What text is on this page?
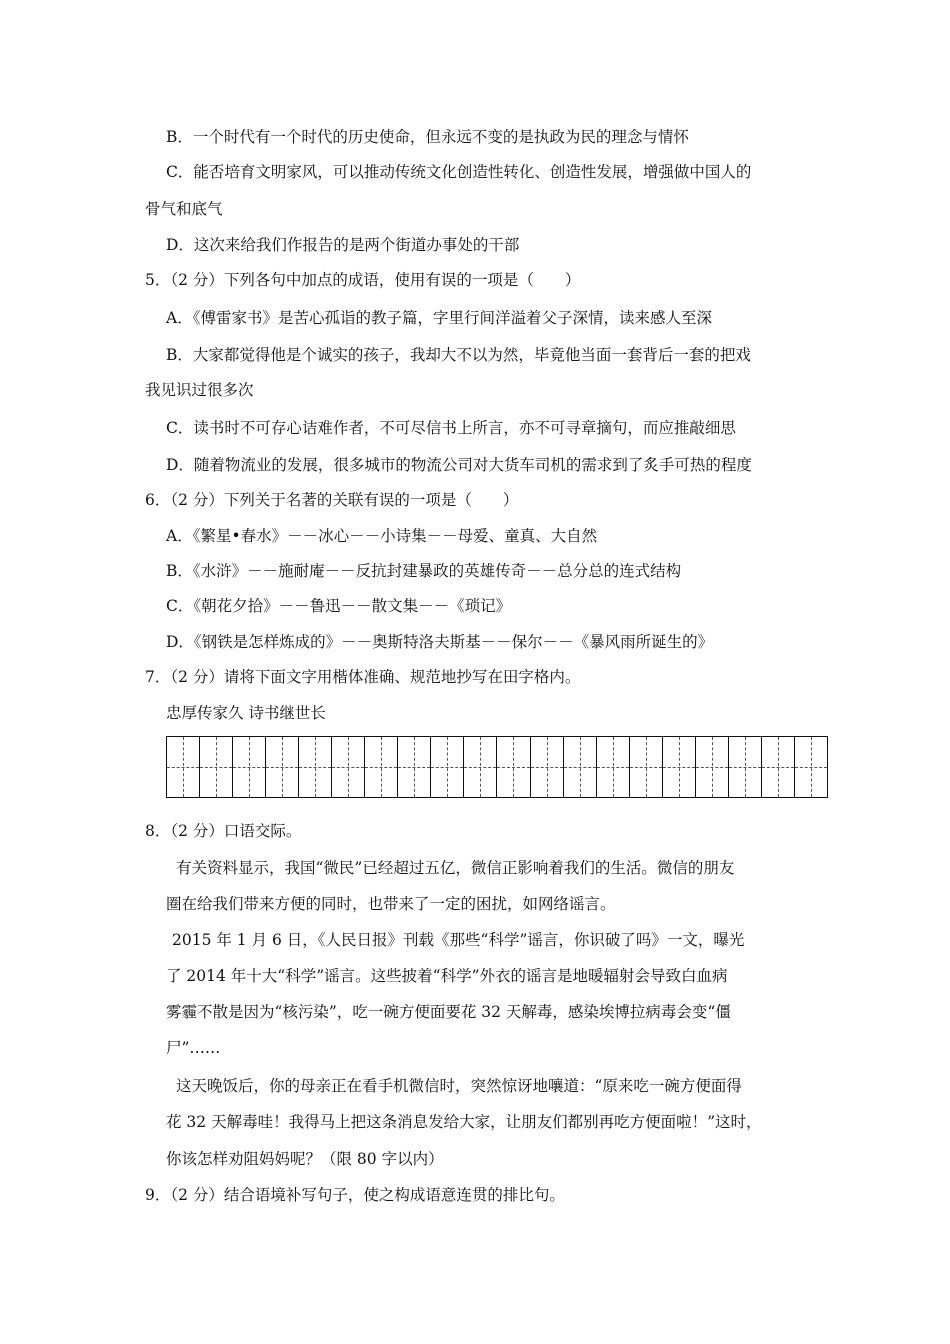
B．一个时代有一个时代的历史使命，但永远不变的是执政为民的理念与情怀
C．能否培育文明家风，可以推动传统文化创造性转化、创造性发展，增强做中国人的
骨气和底气
D．这次来给我们作报告的是两个街道办事处的干部
5．（2 分）下列各句中加点的成语，使用有误的一项是（　　）
A．《傅雷家书》是苦心孤诣的教子篇，字里行间洋溢着父子深情，读来感人至深
B．大家都觉得他是个诚实的孩子，我却大不以为然，毕竟他当面一套背后一套的把戏
我见识过很多次
C．读书时不可存心诘难作者，不可尽信书上所言，亦不可寻章摘句，而应推敲细思
D．随着物流业的发展，很多城市的物流公司对大货车司机的需求到了炙手可热的程度
6．（2 分）下列关于名著的关联有误的一项是（　　）
A．《繁星•春水》－－冰心－－小诗集－－母爱、童真、大自然
B．《水浒》－－施耐庵－－反抗封建暴政的英雄传奇－－总分总的连式结构
C．《朝花夕拾》－－鲁迅－－散文集－－《琐记》
D．《钢铁是怎样炼成的》－－奥斯特洛夫斯基－－保尔－－《暴风雨所诞生的》
7．（2 分）请将下面文字用楷体准确、规范地抄写在田字格内。
忠厚传家久 诗书继世长
8．（2 分）口语交际。
有关资料显示，我国“微民”已经超过五亿，微信正影响着我们的生活。微信的朋友
圈在给我们带来方便的同时，也带来了一定的困扰，如网络谣言。
2015 年 1 月 6 日，《人民日报》刊载《那些“科学”谣言，你识破了吗》一文，曝光
了 2014 年十大“科学”谣言。这些披着“科学”外衣的谣言是地暖辐射会导致白血病
雾霾不散是因为“核污染”，吃一碗方便面要花 32 天解毒，感染埃博拉病毒会变“僵
尸”……
这天晚饭后，你的母亲正在看手机微信时，突然惊讶地嚷道：“原来吃一碗方便面得
花 32 天解毒哇！我得马上把这条消息发给大家，让朋友们都别再吃方便面啦！”这时，
你该怎样劝阻妈妈呢？（限 80 字以内）
9．（2 分）结合语境补写句子，使之构成语意连贯的排比句。
